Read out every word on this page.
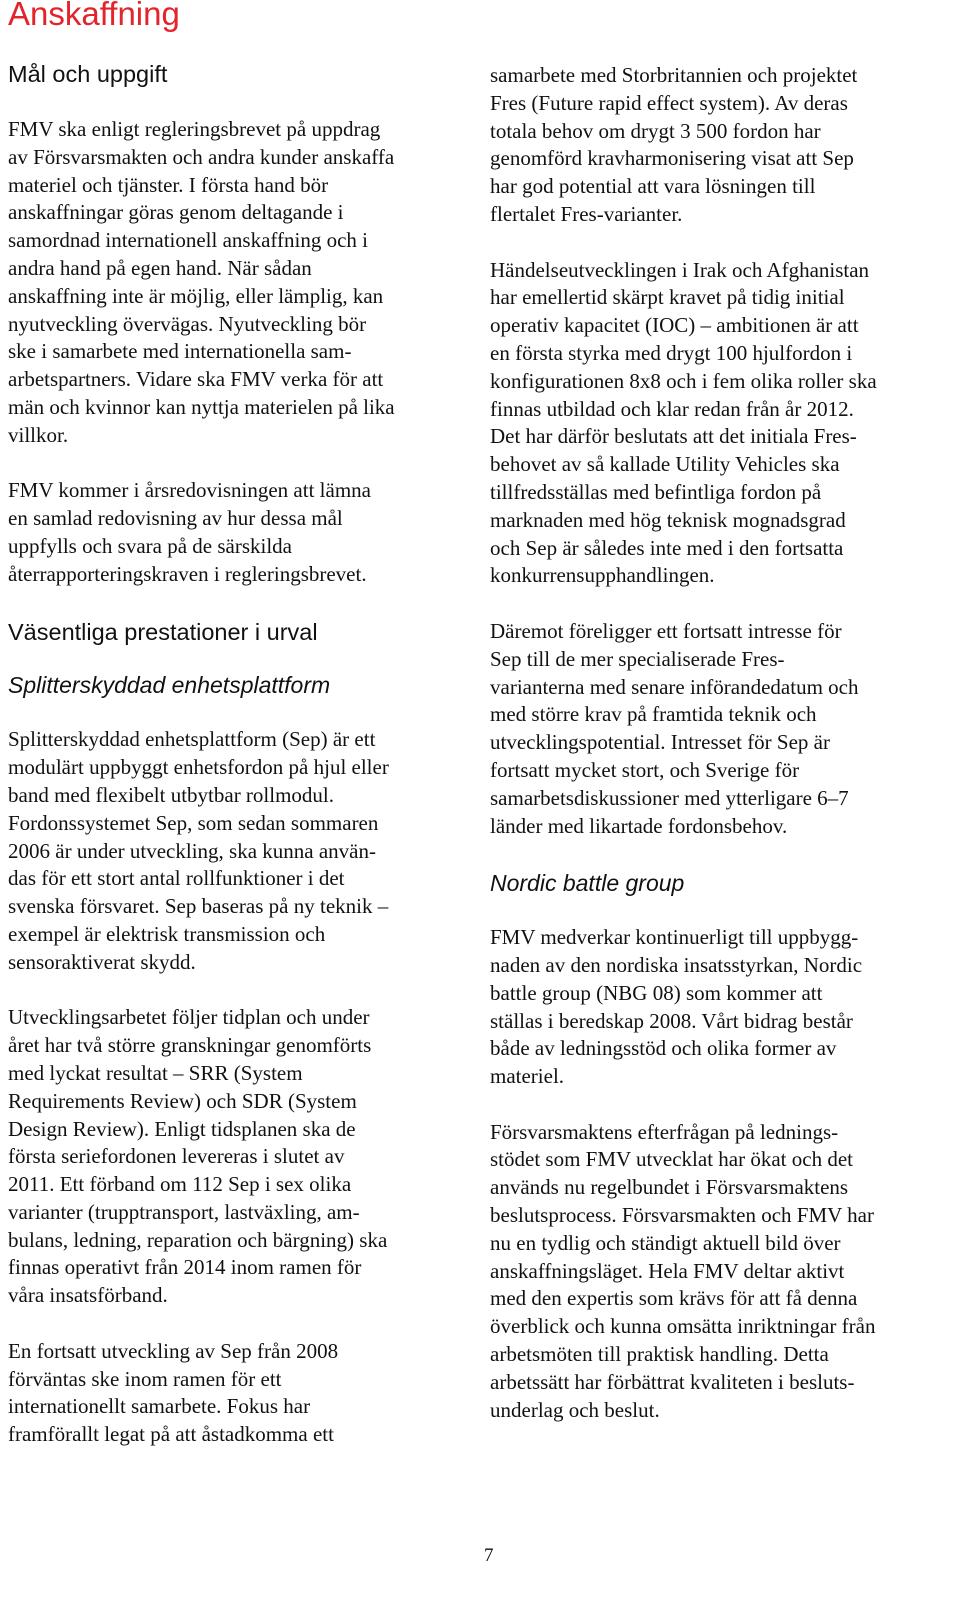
Anskaffning
Mål och uppgift
FMV ska enligt regleringsbrevet på uppdrag
av Försvarsmakten och andra kunder anskaffa
materiel och tjänster. I första hand bör
anskaffningar göras genom deltagande i
samordnad internationell anskaffning och i
andra hand på egen hand. När sådan
anskaffning inte är möjlig, eller lämplig, kan
nyutveckling övervägas. Nyutveckling bör
ske i samarbete med internationella sam-
arbetspartners. Vidare ska FMV verka för att
män och kvinnor kan nyttja materielen på lika
villkor.
FMV kommer i årsredovisningen att lämna
en samlad redovisning av hur dessa mål
uppfylls och svara på de särskilda
återrapporteringskraven i regleringsbrevet.
Väsentliga prestationer i urval
Splitterskyddad enhetsplattform
Splitterskyddad enhetsplattform (Sep) är ett
modulärt uppbyggt enhetsfordon på hjul eller
band med flexibelt utbytbar rollmodul.
Fordonssystemet Sep, som sedan sommaren
2006 är under utveckling, ska kunna använ-
das för ett stort antal rollfunktioner i det
svenska försvaret. Sep baseras på ny teknik –
exempel är elektrisk transmission och
sensoraktiverat skydd.
Utvecklingsarbetet följer tidplan och under
året har två större granskningar genomförts
med lyckat resultat – SRR (System
Requirements Review) och SDR (System
Design Review). Enligt tidsplanen ska de
första seriefordonen levereras i slutet av
2011. Ett förband om 112 Sep i sex olika
varianter (trupptransport, lastväxling, am-
bulans, ledning, reparation och bärgning) ska
finnas operativt från 2014 inom ramen för
våra insatsförband.
En fortsatt utveckling av Sep från 2008
förväntas ske inom ramen för ett
internationellt samarbete. Fokus har
framförallt legat på att åstadkomma ett
samarbete med Storbritannien och projektet
Fres (Future rapid effect system). Av deras
totala behov om drygt 3 500 fordon har
genomförd kravharmonisering visat att Sep
har god potential att vara lösningen till
flertalet Fres-varianter.
Händelseutvecklingen i Irak och Afghanistan
har emellertid skärpt kravet på tidig initial
operativ kapacitet (IOC) – ambitionen är att
en första styrka med drygt 100 hjulfordon i
konfigurationen 8x8 och i fem olika roller ska
finnas utbildad och klar redan från år 2012.
Det har därför beslutats att det initiala Fres-
behovet av så kallade Utility Vehicles ska
tillfredsställas med befintliga fordon på
marknaden med hög teknisk mognadsgrad
och Sep är således inte med i den fortsatta
konkurrensupphandlingen.
Däremot föreligger ett fortsatt intresse för
Sep till de mer specialiserade Fres-
varianterna med senare införandedatum och
med större krav på framtida teknik och
utvecklingspotential. Intresset för Sep är
fortsatt mycket stort, och Sverige för
samarbetsdiskussioner med ytterligare 6–7
länder med likartade fordonsbehov.
Nordic battle group
FMV medverkar kontinuerligt till uppbygg-
naden av den nordiska insatsstyrkan, Nordic
battle group (NBG 08) som kommer att
ställas i beredskap 2008. Vårt bidrag består
både av ledningsstöd och olika former av
materiel.
Försvarsmaktens efterfrågan på lednings-
stödet som FMV utvecklat har ökat och det
används nu regelbundet i Försvarsmaktens
beslutsprocess. Försvarsmakten och FMV har
nu en tydlig och ständigt aktuell bild över
anskaffningsläget. Hela FMV deltar aktivt
med den expertis som krävs för att få denna
överblick och kunna omsätta inriktningar från
arbetsmöten till praktisk handling. Detta
arbetssätt har förbättrat kvaliteten i besluts-
underlag och beslut.
7
